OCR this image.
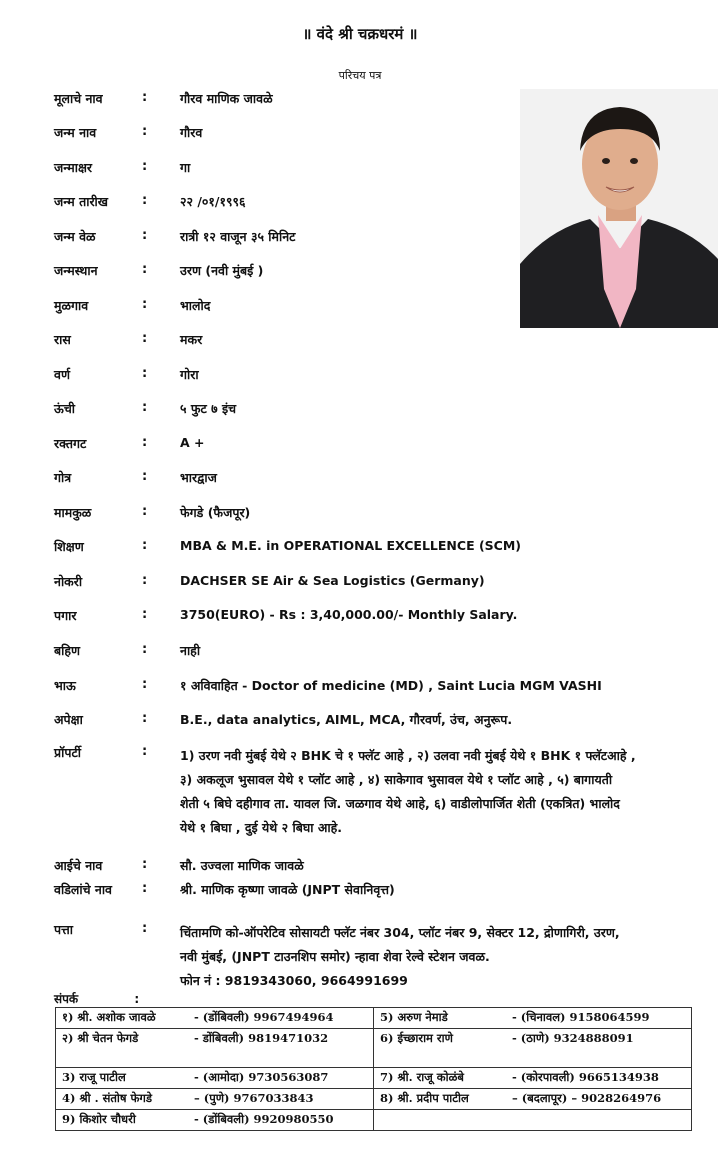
॥ वंदे श्री चक्रधरमं ॥
परिचय पत्र
मूलाचे नाव	:	गौरव माणिक जावळे
जन्म नाव	:	गौरव
जन्माक्षर	:	गा
जन्म तारीख	:	२२ /०१/१९९६
जन्म वेळ	:	रात्री १२ वाजून ३५ मिनिट
जन्मस्थान	:	उरण (नवी मुंबई )
मुळगाव	:	भालोद
रास	:	मकर
वर्ण	:	गोरा
ऊंची	:	५ फुट ७ इंच
रक्तगट	:	A +
गोत्र	:	भारद्वाज
मामकुळ	:	फेगडे (फैजपूर)
शिक्षण	:	MBA & M.E. in OPERATIONAL EXCELLENCE (SCM)
नोकरी	:	DACHSER SE Air & Sea Logistics (Germany)
पगार	:	3750(EURO) - Rs : 3,40,000.00/- Monthly Salary.
बहिण	:	नाही
भाऊ	:	१ अविवाहित - Doctor of medicine (MD) , Saint Lucia MGM VASHI
अपेक्षा	:	B.E., data analytics, AIML, MCA, गौरवर्ण, उंच, अनुरूप.
प्रॉपर्टी	:	1) उरण नवी मुंबई येथे २ BHK चे १ फ्लॅट आहे , २) उलवा नवी मुंबई येथे १ BHK १ फ्लॅटआहे ,
३) अकलूज भुसावल येथे १ प्लॉट आहे , ४) साकेगाव भुसावल येथे १ प्लॉट आहे , ५) बागायती
शेती ५ बिघे दहीगाव ता. यावल जि. जळगाव येथे आहे, ६) वाडीलोपार्जित शेती (एकत्रित) भालोद
येथे १ बिघा , दुई येथे २ बिघा आहे.
आईचे नाव	:	सौ. उज्वला माणिक जावळे
वडिलांचे नाव :	श्री. माणिक कृष्णा जावळे (JNPT सेवानिवृत्त)
पत्ता	:	चिंतामणि को-ऑपरेटिव सोसायटी फ्लॅट नंबर 304, प्लॉट नंबर 9, सेक्टर 12, द्रोणागिरी, उरण,
नवी मुंबई, (JNPT टाउनशिप समोर) न्हावा शेवा रेल्वे स्टेशन जवळ.
फोन नं : 9819343060, 9664991699
संपर्क	:
१) श्री. अशोक जावळे - (डोंबिवली) 9967494964	5) अरुण नेमाडे - (चिनावल) 9158064599
२) श्री चेतन फेगडे - डोंबिवली) 9819471032	6) ईच्छाराम राणे - (ठाणे) 9324888091
3) राजू पाटील - (आमोदा) 9730563087	7) श्री. राजू कोळंबे - (कोरपावली) 9665134938
4) श्री . संतोष फेगडे – (पुणे) 9767033843	8) श्री. प्रदीप पाटील – (बदलापूर) – 9028264976
9) किशोर चौधरी - (डोंबिवली) 9920980550	
